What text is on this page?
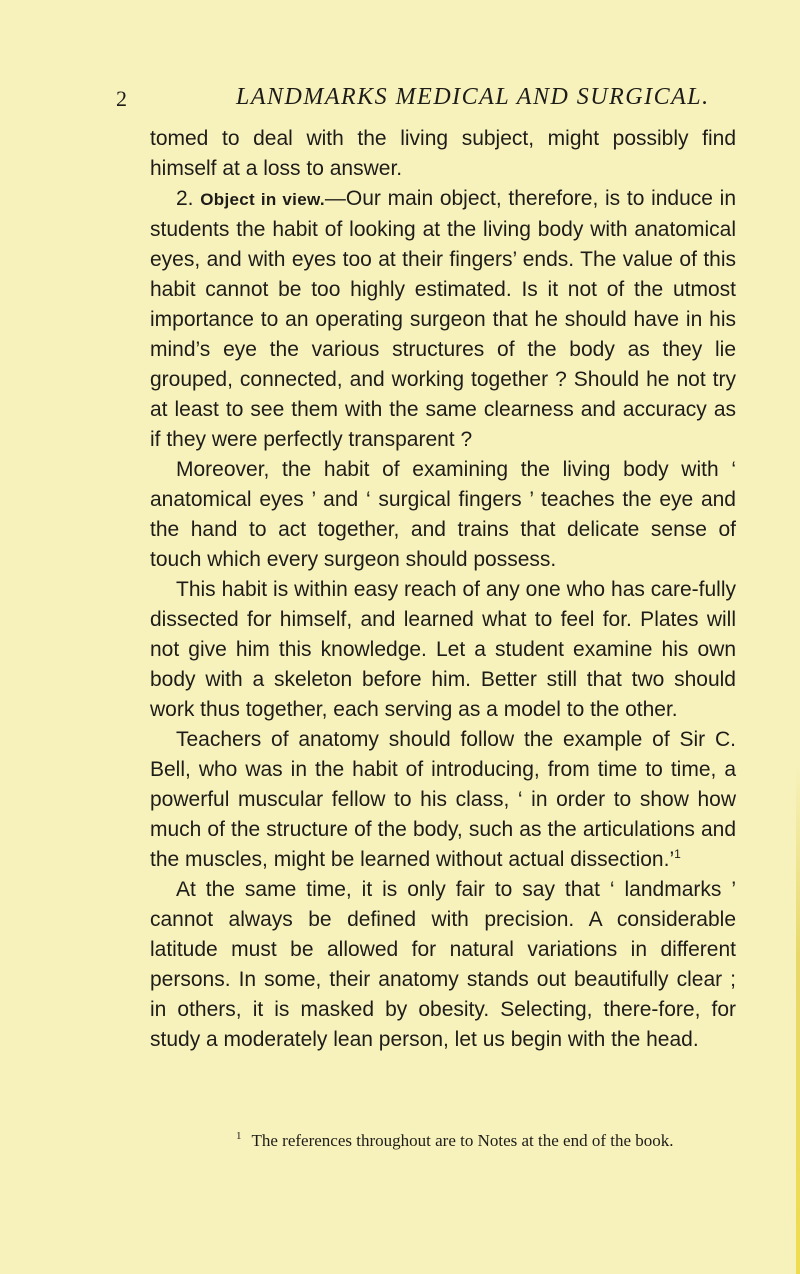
2	LANDMARKS MEDICAL AND SURGICAL.

tomed to deal with the living subject, might possibly find himself at a loss to answer.

2. Object in view.—Our main object, therefore, is to induce in students the habit of looking at the living body with anatomical eyes, and with eyes too at their fingers’ ends. The value of this habit cannot be too highly estimated. Is it not of the utmost importance to an operating surgeon that he should have in his mind’s eye the various structures of the body as they lie grouped, connected, and working together ? Should he not try at least to see them with the same clearness and accuracy as if they were perfectly transparent ?

Moreover, the habit of examining the living body with ‘ anatomical eyes ’ and ‘ surgical fingers ’ teaches the eye and the hand to act together, and trains that delicate sense of touch which every surgeon should possess.

This habit is within easy reach of any one who has care-fully dissected for himself, and learned what to feel for. Plates will not give him this knowledge. Let a student examine his own body with a skeleton before him. Better still that two should work thus together, each serving as a model to the other.

Teachers of anatomy should follow the example of Sir C. Bell, who was in the habit of introducing, from time to time, a powerful muscular fellow to his class, ‘ in order to show how much of the structure of the body, such as the articulations and the muscles, might be learned without actual dissection.’$^1$

At the same time, it is only fair to say that ‘ landmarks ’ cannot always be defined with precision. A considerable latitude must be allowed for natural variations in different persons. In some, their anatomy stands out beautifully clear ; in others, it is masked by obesity. Selecting, there-fore, for study a moderately lean person, let us begin with the head.

$^1$ The references throughout are to Notes at the end of the book.
